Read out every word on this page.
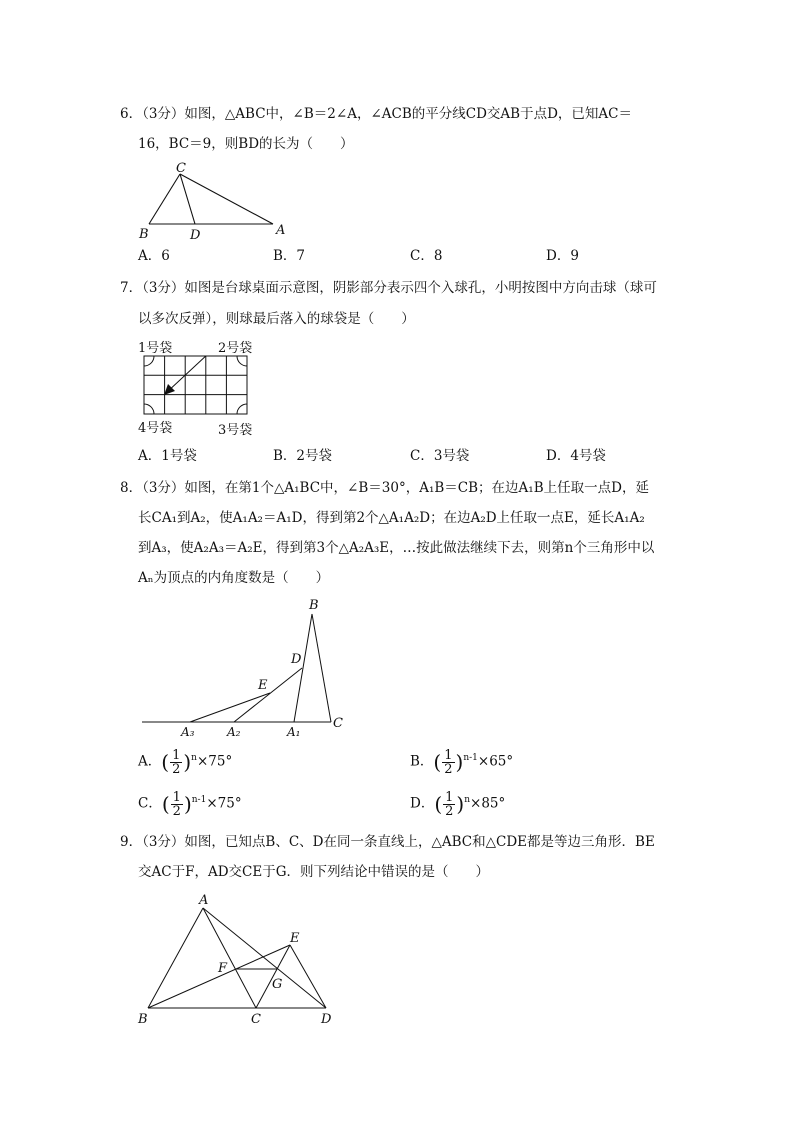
6．（3分）如图，△ABC中，∠B＝2∠A，∠ACB的平分线CD交AB于点D，已知AC＝
16，BC＝9，则BD的长为（　　）
C
B	D	A
A．6	B．7	C．8	D．9
7．（3分）如图是台球桌面示意图，阴影部分表示四个入球孔，小明按图中方向击球（球可
以多次反弹），则球最后落入的球袋是（　　）
1号袋	2号袋
4号袋	3号袋
A．1号袋	B．2号袋	C．3号袋	D．4号袋
8．（3分）如图，在第1个△A₁BC中，∠B＝30°，A₁B＝CB；在边A₁B上任取一点D，延
长CA₁到A₂，使A₁A₂＝A₁D，得到第2个△A₁A₂D；在边A₂D上任取一点E，延长A₁A₂
到A₃，使A₂A₃＝A₂E，得到第3个△A₂A₃E，…按此做法继续下去，则第n个三角形中以
Aₙ为顶点的内角度数是（　　）
B
D
E
A₃	A₂	A₁
C
A．( $\frac{1}{2} )^n\times 75^\circ$	B．( $\frac{1}{2} )^{n-1}\times 65^\circ$
C．( $\frac{1}{2} )^{n-1}\times 75^\circ$	D．( $\frac{1}{2} )^n\times 85^\circ$
9．（3分）如图，已知点B、C、D在同一条直线上，△ABC和△CDE都是等边三角形．BE
交AC于F，AD交CE于G．则下列结论中错误的是（　　）
A
E
F
G
B	C	D
